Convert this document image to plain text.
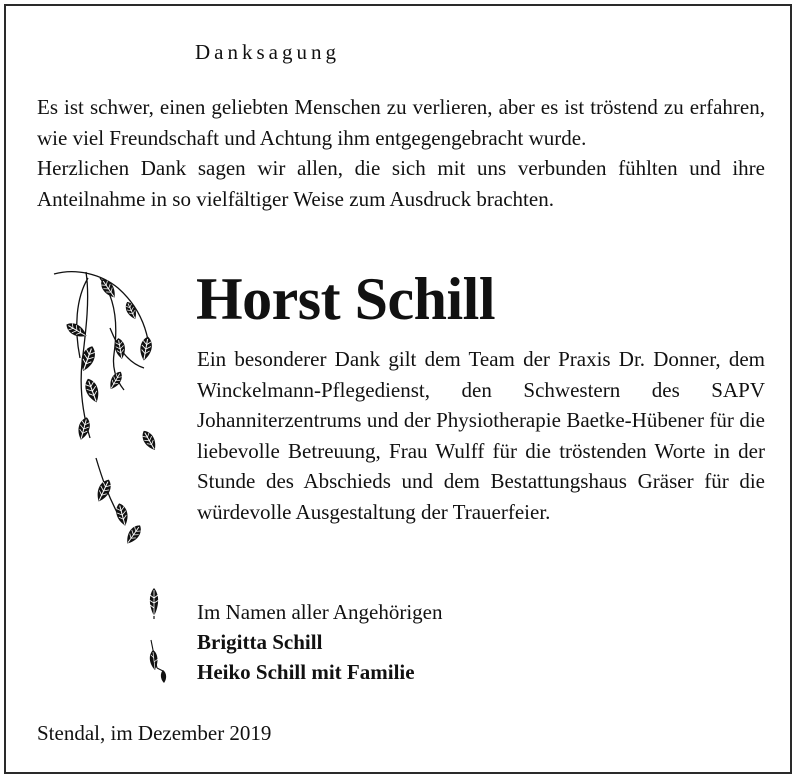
Danksagung

Es ist schwer, einen geliebten Menschen zu verlieren, aber es ist tröstend zu erfahren, wie viel Freundschaft und Achtung ihm entgegengebracht wurde.

Herzlichen Dank sagen wir allen, die sich mit uns verbunden fühlten und ihre Anteilnahme in so vielfältiger Weise zum Ausdruck brachten.

Horst Schill

Ein besonderer Dank gilt dem Team der Praxis Dr. Donner, dem Winckelmann-Pflegedienst, den Schwestern des SAPV Johanniterzentrums und der Physiotherapie Baetke-Hübener für die liebevolle Betreuung, Frau Wulff für die tröstenden Worte in der Stunde des Abschieds und dem Bestattungshaus Gräser für die würdevolle Ausgestaltung der Trauerfeier.

Im Namen aller Angehörigen
Brigitta Schill
Heiko Schill mit Familie
Stendal, im Dezember 2019
